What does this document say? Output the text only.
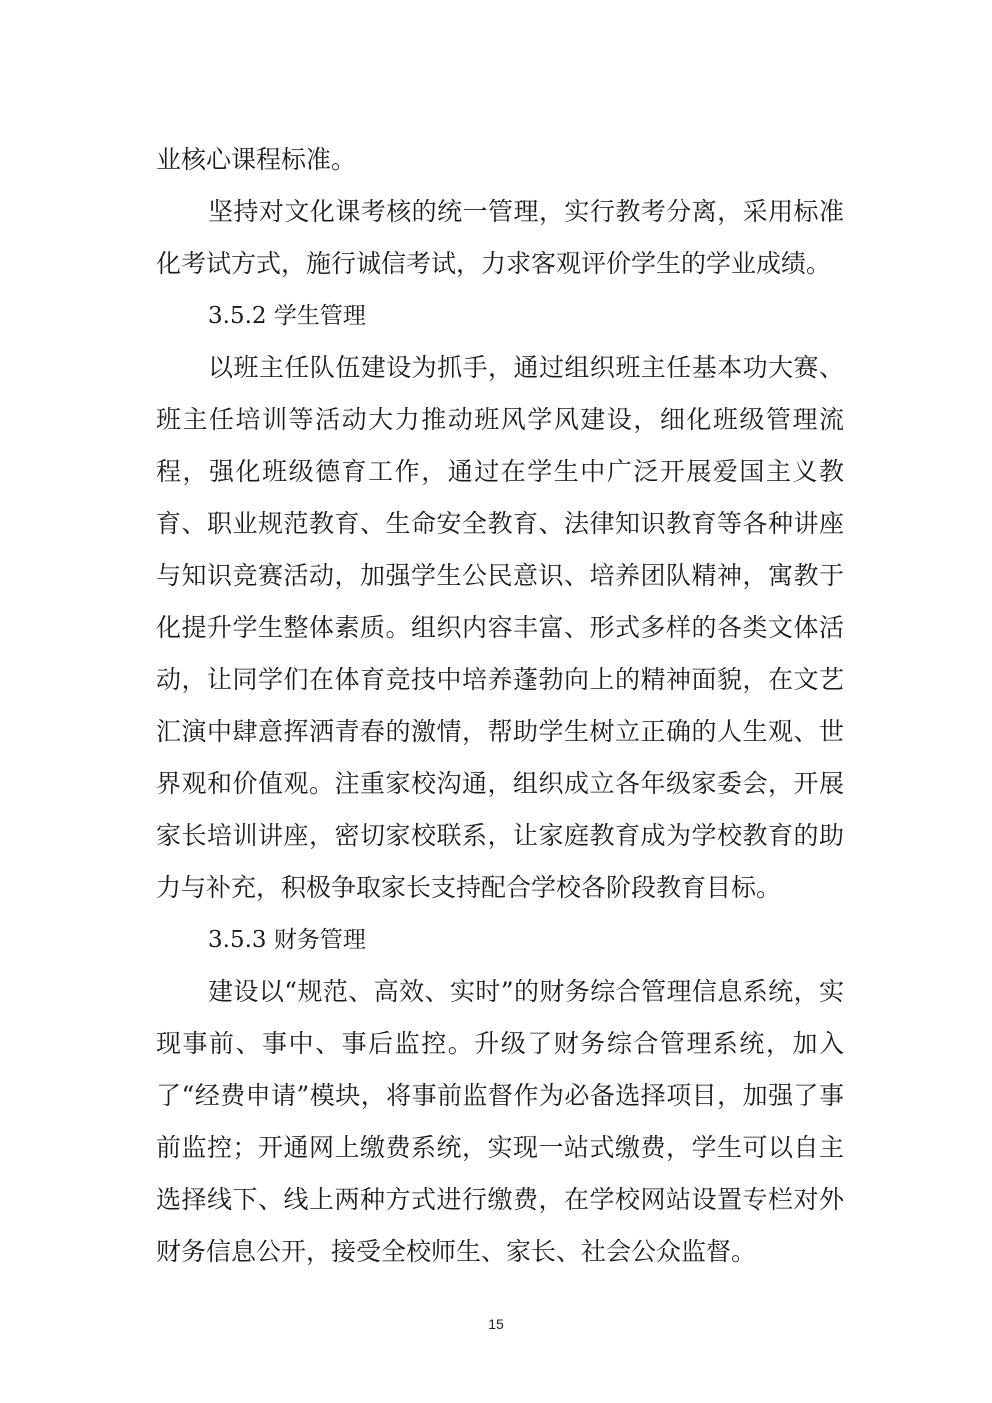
业核心课程标准。

坚持对文化课考核的统一管理，实行教考分离，采用标准化考试方式，施行诚信考试，力求客观评价学生的学业成绩。

3.5.2 学生管理

以班主任队伍建设为抓手，通过组织班主任基本功大赛、班主任培训等活动大力推动班风学风建设，细化班级管理流程，强化班级德育工作，通过在学生中广泛开展爱国主义教育、职业规范教育、生命安全教育、法律知识教育等各种讲座与知识竞赛活动，加强学生公民意识、培养团队精神，寓教于化提升学生整体素质。组织内容丰富、形式多样的各类文体活动，让同学们在体育竞技中培养蓬勃向上的精神面貌，在文艺汇演中肆意挥洒青春的激情，帮助学生树立正确的人生观、世界观和价值观。注重家校沟通，组织成立各年级家委会，开展家长培训讲座，密切家校联系，让家庭教育成为学校教育的助力与补充，积极争取家长支持配合学校各阶段教育目标。

3.5.3 财务管理

建设以“规范、高效、实时”的财务综合管理信息系统，实现事前、事中、事后监控。升级了财务综合管理系统，加入了“经费申请”模块，将事前监督作为必备选择项目，加强了事前监控；开通网上缴费系统，实现一站式缴费，学生可以自主选择线下、线上两种方式进行缴费，在学校网站设置专栏对外财务信息公开，接受全校师生、家长、社会公众监督。

15
